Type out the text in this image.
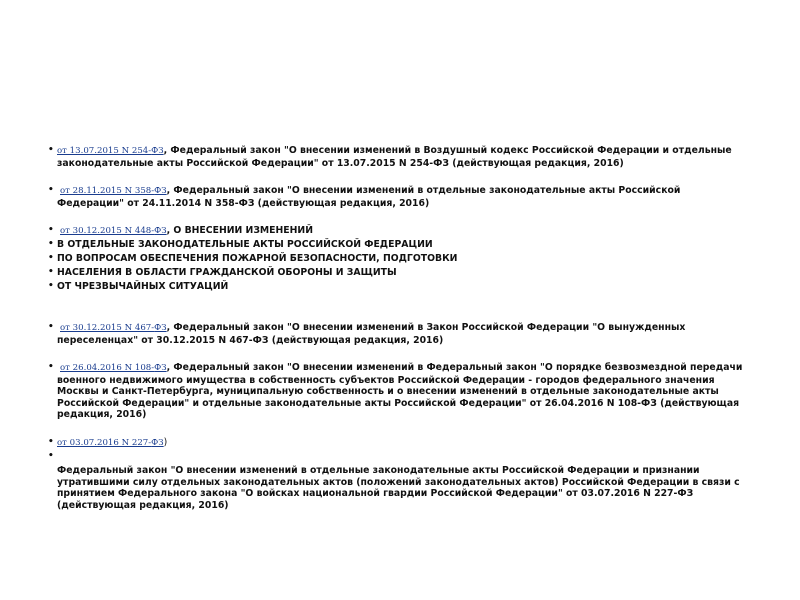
• от 13.07.2015 N 254-ФЗ, Федеральный закон "О внесении изменений в Воздушный кодекс Российской Федерации и отдельные законодательные акты Российской Федерации" от 13.07.2015 N 254-ФЗ (действующая редакция, 2016)
• от 28.11.2015 N 358-ФЗ, Федеральный закон "О внесении изменений в отдельные законодательные акты Российской Федерации" от 24.11.2014 N 358-ФЗ (действующая редакция, 2016)
• от 30.12.2015 N 448-ФЗ, О ВНЕСЕНИИ ИЗМЕНЕНИЙ
• В ОТДЕЛЬНЫЕ ЗАКОНОДАТЕЛЬНЫЕ АКТЫ РОССИЙСКОЙ ФЕДЕРАЦИИ
• ПО ВОПРОСАМ ОБЕСПЕЧЕНИЯ ПОЖАРНОЙ БЕЗОПАСНОСТИ, ПОДГОТОВКИ
• НАСЕЛЕНИЯ В ОБЛАСТИ ГРАЖДАНСКОЙ ОБОРОНЫ И ЗАЩИТЫ
• ОТ ЧРЕЗВЫЧАЙНЫХ СИТУАЦИЙ
• от 30.12.2015 N 467-ФЗ, Федеральный закон "О внесении изменений в Закон Российской Федерации "О вынужденных переселенцах" от 30.12.2015 N 467-ФЗ (действующая редакция, 2016)
• от 26.04.2016 N 108-ФЗ, Федеральный закон "О внесении изменений в Федеральный закон "О порядке безвозмездной передачи военного недвижимого имущества в собственность субъектов Российской Федерации - городов федерального значения Москвы и Санкт-Петербурга, муниципальную собственность и о внесении изменений в отдельные законодательные акты Российской Федерации" и отдельные законодательные акты Российской Федерации" от 26.04.2016 N 108-ФЗ (действующая редакция, 2016)
• от 03.07.2016 N 227-ФЗ)
•
Федеральный закон "О внесении изменений в отдельные законодательные акты Российской Федерации и признании утратившими силу отдельных законодательных актов (положений законодательных актов) Российской Федерации в связи с принятием Федерального закона "О войсках национальной гвардии Российской Федерации" от 03.07.2016 N 227-ФЗ (действующая редакция, 2016)
